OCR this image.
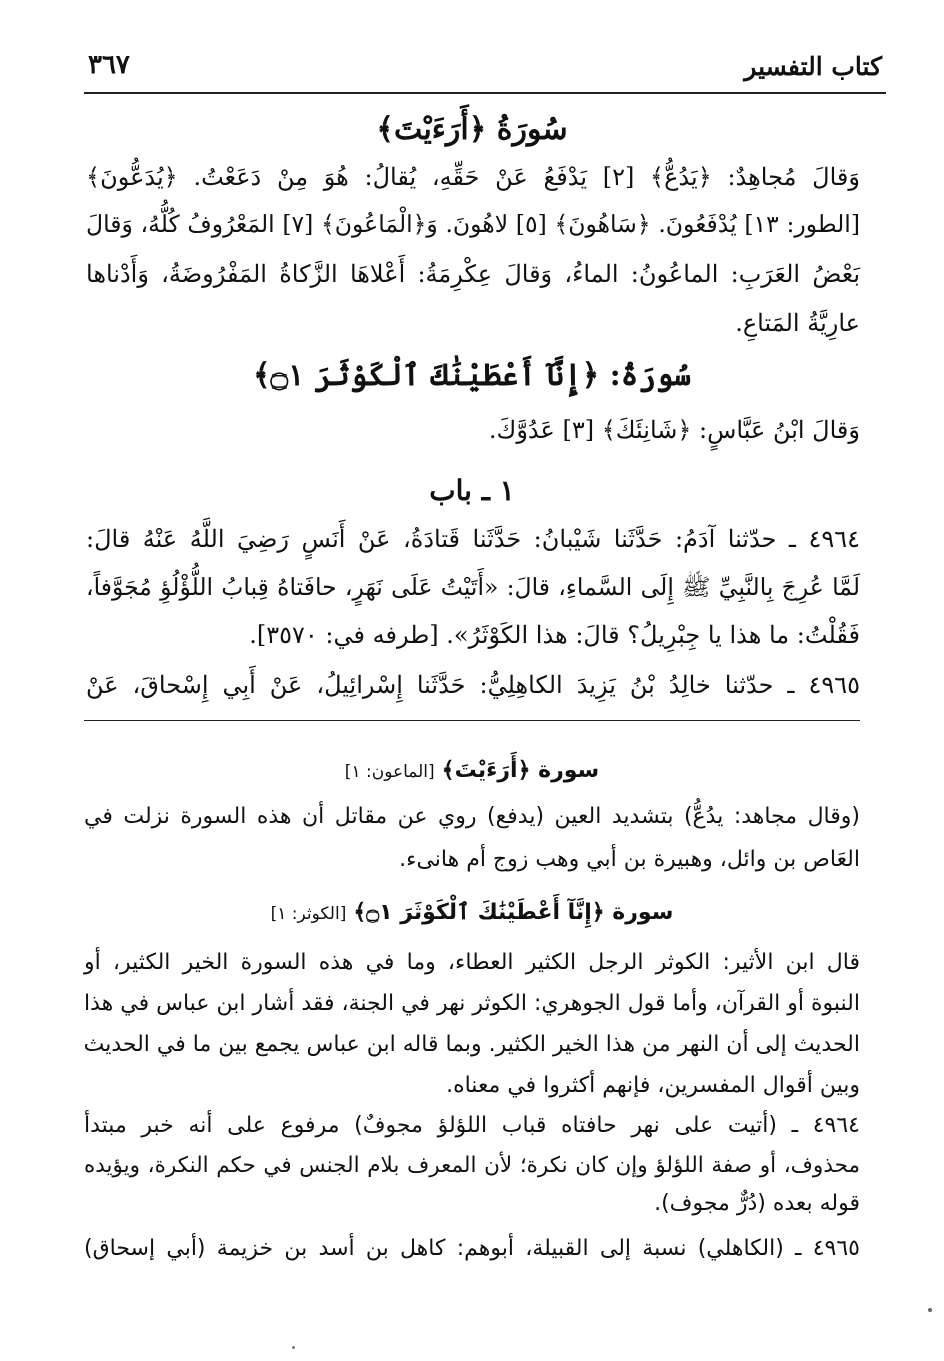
كتاب التفسير
٣٦٧
سُورَةُ ﴿أَرَءَيْتَ﴾
وَقالَ مُجاهِدٌ: ﴿يَدُعُّ﴾ [٢] يَدْفَعُ عَنْ حَقِّهِ، يُقالُ: هُوَ مِنْ دَعَعْتُ. ﴿يُدَعُّونَ﴾
[الطور: ١٣] يُدْفَعُونَ. ﴿سَاهُونَ﴾ [٥] لاهُونَ. وَ﴿الْمَاعُونَ﴾ [٧] المَعْرُوفُ كُلُّهُ، وَقالَ
بَعْضُ العَرَبِ: الماعُونُ: الماءُ، وَقالَ عِكْرِمَةُ: أَعْلاهَا الزَّكاةُ المَفْرُوضَةُ، وَأَدْناها
عارِيَّةُ المَتاعِ.
سُورَةُ: ﴿إِنَّآ أَعْطَيْنَٰكَ ٱلْكَوْثَرَ ۝١﴾
وَقالَ ابْنُ عَبَّاسٍ: ﴿شَانِئَكَ﴾ [٣] عَدُوَّكَ.
١ ـ باب
٤٩٦٤ ـ حدّثنا آدَمُ: حَدَّثَنا شَيْبانُ: حَدَّثَنا قَتادَةُ، عَنْ أَنَسٍ رَضِيَ اللَّهُ عَنْهُ قالَ:
لَمَّا عُرِجَ بِالنَّبِيِّ ﷺ إِلَى السَّماءِ، قالَ: «أَتَيْتُ عَلَى نَهَرٍ، حافَتاهُ قِبابُ اللُّؤْلُؤِ مُجَوَّفاً،
فَقُلْتُ: ما هذا يا جِبْرِيلُ؟ قالَ: هذا الكَوْثَرُ». [طرفه في: ٣٥٧٠].
٤٩٦٥ ـ حدّثنا خالِدُ بْنُ يَزِيدَ الكاهِلِيُّ: حَدَّثَنا إِسْرائِيلُ، عَنْ أَبِي إِسْحاقَ، عَنْ
سورة ﴿أَرَءَيْتَ﴾ [الماعون: ١]
(وقال مجاهد: يدُعُّ) بتشديد العين (يدفع) روي عن مقاتل أن هذه السورة نزلت في
العَاص بن وائل، وهبيرة بن أبي وهب زوج أم هانىء.
سورة ﴿إِنَّآ أَعْطَيْنَٰكَ ٱلْكَوْثَرَ ۝١﴾ [الكوثر: ١]
قال ابن الأثير: الكوثر الرجل الكثير العطاء، وما في هذه السورة الخير الكثير، أو
النبوة أو القرآن، وأما قول الجوهري: الكوثر نهر في الجنة، فقد أشار ابن عباس في هذا
الحديث إلى أن النهر من هذا الخير الكثير. وبما قاله ابن عباس يجمع بين ما في الحديث
وبين أقوال المفسرين، فإنهم أكثروا في معناه.
٤٩٦٤ ـ (أتيت على نهر حافتاه قباب اللؤلؤ مجوفٌ) مرفوع على أنه خبر مبتدأ
محذوف، أو صفة اللؤلؤ وإن كان نكرة؛ لأن المعرف بلام الجنس في حكم النكرة، ويؤيده
قوله بعده (دُرٌّ مجوف).
٤٩٦٥ ـ (الكاهلي) نسبة إلى القبيلة، أبوهم: كاهل بن أسد بن خزيمة (أبي إسحاق)
